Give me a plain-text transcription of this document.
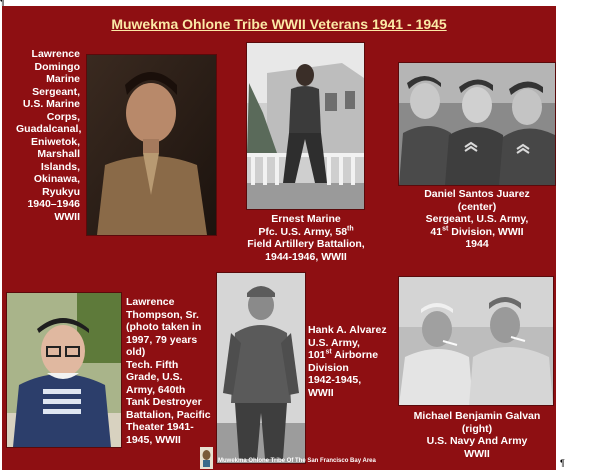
Muwekma Ohlone Tribe WWII Veterans 1941 - 1945
Lawrence
Domingo
Marine
Sergeant,
U.S. Marine
Corps,
Guadalcanal,
Eniwetok,
Marshall
Islands,
Okinawa,
Ryukyu
1940–1946
WWII	Ernest Marine
Pfc. U.S. Army, 58th
Field Artillery Battalion,
1944-1946, WWII
Daniel Santos Juarez
(center)
Sergeant, U.S. Army,
41st Division, WWII
1944
Lawrence
Thompson, Sr.
(photo taken in
1997, 79 years
old)
Tech. Fifth
Grade, U.S.
Army, 640th
Tank Destroyer
Battalion, Pacific
Theater 1941-
1945, WWII
Hank A. Alvarez
U.S. Army,
101st Airborne
Division
1942-1945,
WWII
Michael Benjamin Galvan
(right)
U.S. Navy And Army
WWII
Muwekma Ohlone Tribe Of The San Francisco Bay Area
¶
¶
